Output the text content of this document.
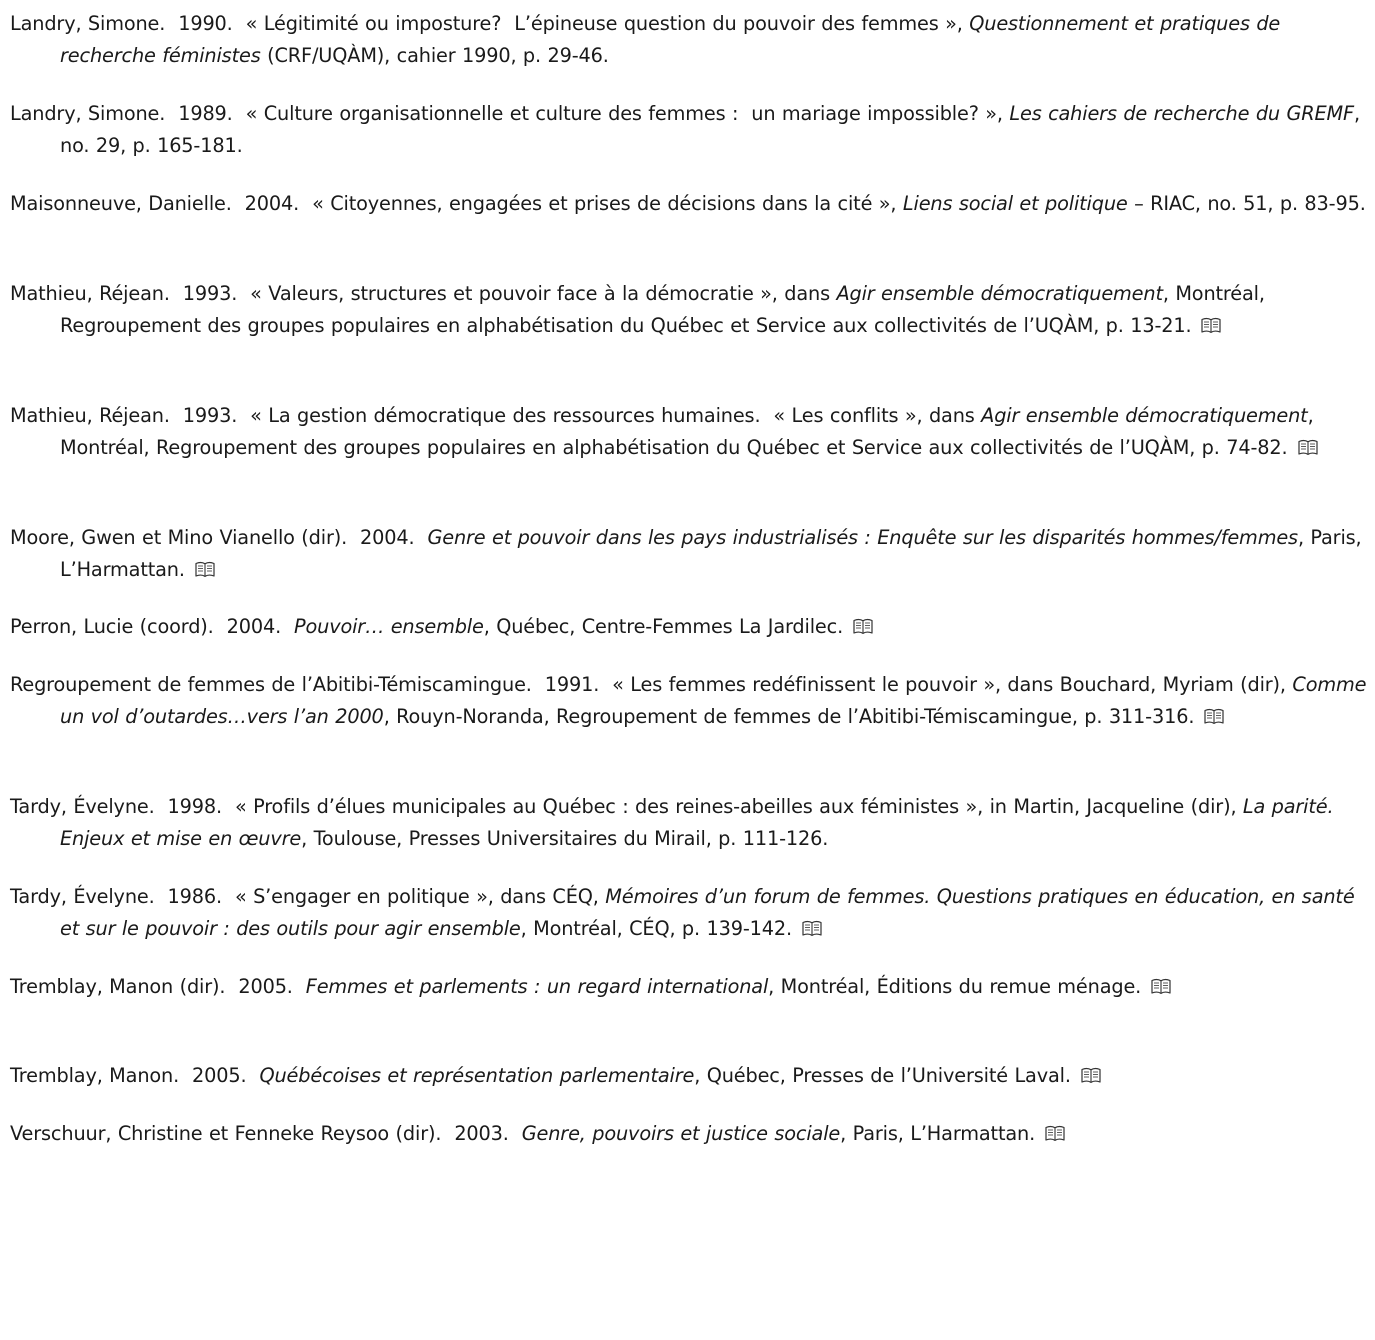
Landry, Simone.  1990.  « Légitimité ou imposture?  L’épineuse question du pouvoir des femmes », Questionnement et pratiques de recherche féministes (CRF/UQÀM), cahier 1990, p. 29-46.

Landry, Simone.  1989.  « Culture organisationnelle et culture des femmes :  un mariage impossible? », Les cahiers de recherche du GREMF, no. 29, p. 165-181.

Maisonneuve, Danielle.  2004.  « Citoyennes, engagées et prises de décisions dans la cité », Liens social et politique – RIAC, no. 51, p. 83-95.

Mathieu, Réjean.  1993.  « Valeurs, structures et pouvoir face à la démocratie », dans Agir ensemble démocratiquement, Montréal, Regroupement des groupes populaires en alphabétisation du Québec et Service aux collectivités de l’UQÀM, p. 13-21.

Mathieu, Réjean.  1993.  « La gestion démocratique des ressources humaines.  « Les conflits », dans Agir ensemble démocratiquement, Montréal, Regroupement des groupes populaires en alphabétisation du Québec et Service aux collectivités de l’UQÀM, p. 74-82.

Moore, Gwen et Mino Vianello (dir).  2004.  Genre et pouvoir dans les pays industrialisés : Enquête sur les disparités hommes/femmes, Paris, L’Harmattan.

Perron, Lucie (coord).  2004.  Pouvoir… ensemble, Québec, Centre-Femmes La Jardilec.

Regroupement de femmes de l’Abitibi-Témiscamingue.  1991.  « Les femmes redéfinissent le pouvoir », dans Bouchard, Myriam (dir), Comme un vol d’outardes…vers l’an 2000, Rouyn-Noranda, Regroupement de femmes de l’Abitibi-Témiscamingue, p. 311-316.

Tardy, Évelyne.  1998.  « Profils d’élues municipales au Québec : des reines-abeilles aux féministes », in Martin, Jacqueline (dir), La parité.  Enjeux et mise en œuvre, Toulouse, Presses Universitaires du Mirail, p. 111-126.

Tardy, Évelyne.  1986.  « S’engager en politique », dans CÉQ, Mémoires d’un forum de femmes. Questions pratiques en éducation, en santé et sur le pouvoir : des outils pour agir ensemble, Montréal, CÉQ, p. 139-142.

Tremblay, Manon (dir).  2005.  Femmes et parlements : un regard international, Montréal, Éditions du remue ménage.

Tremblay, Manon.  2005.  Québécoises et représentation parlementaire, Québec, Presses de l’Université Laval.

Verschuur, Christine et Fenneke Reysoo (dir).  2003.  Genre, pouvoirs et justice sociale, Paris, L’Harmattan.
